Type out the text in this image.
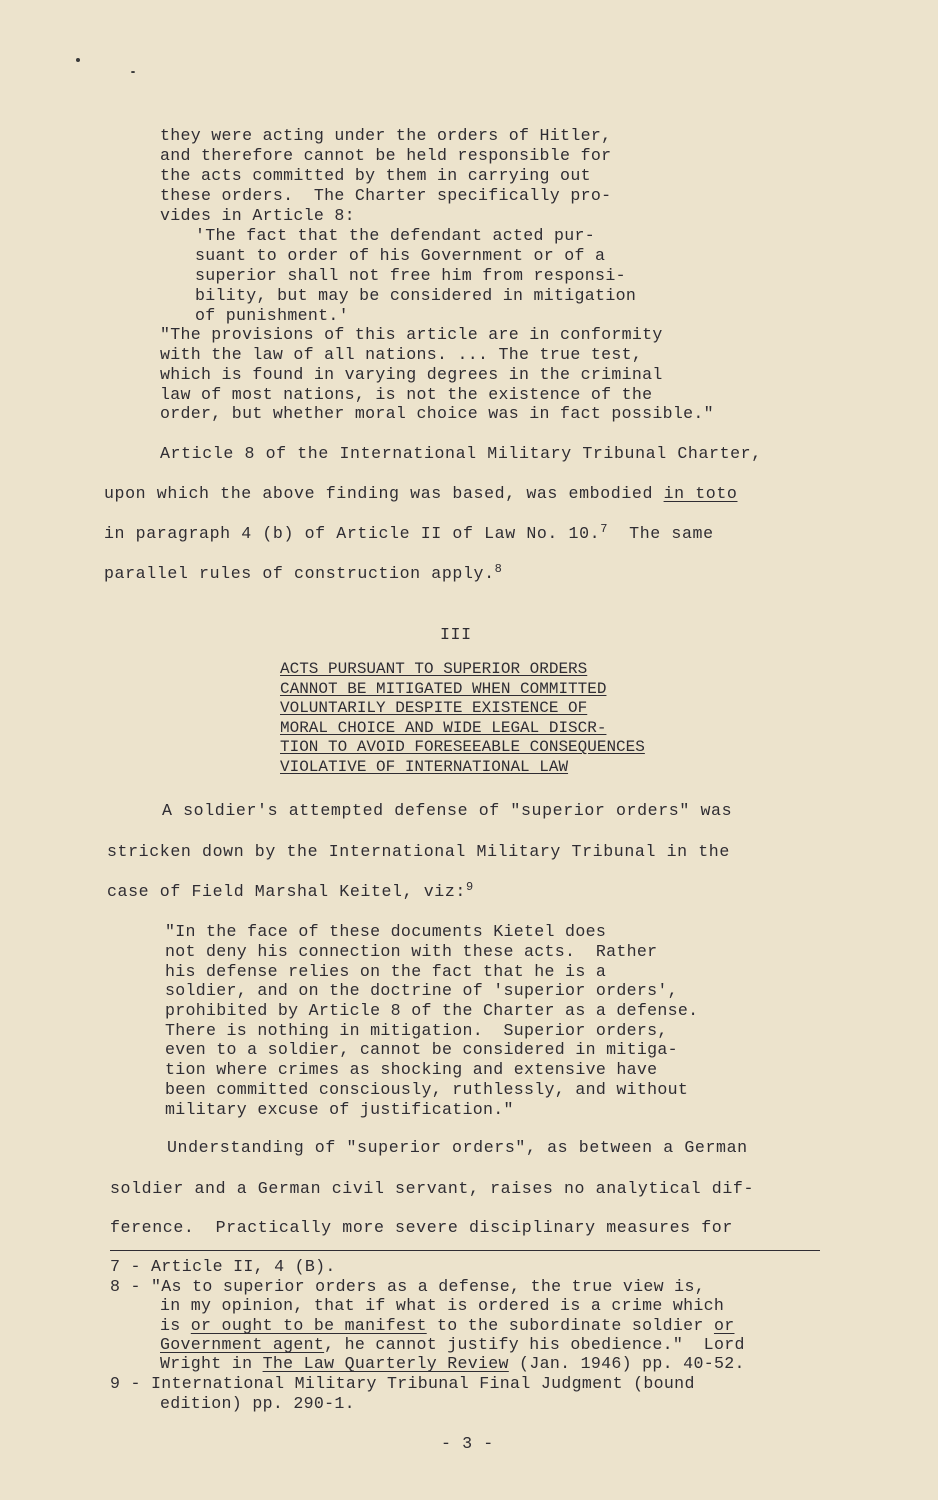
they were acting under the orders of Hitler,
and therefore cannot be held responsible for
the acts committed by them in carrying out
these orders.  The Charter specifically pro-
vides in Article 8:
'The fact that the defendant acted pur-
suant to order of his Government or of a
superior shall not free him from responsi-
bility, but may be considered in mitigation
of punishment.'
"The provisions of this article are in conformity
with the law of all nations. ... The true test,
which is found in varying degrees in the criminal
law of most nations, is not the existence of the
order, but whether moral choice was in fact possible."
Article 8 of the International Military Tribunal Charter,
upon which the above finding was based, was embodied in toto
in paragraph 4 (b) of Article II of Law No. 10.$^7$  The same
parallel rules of construction apply.$^8$
III
ACTS PURSUANT TO SUPERIOR ORDERS
CANNOT BE MITIGATED WHEN COMMITTED
VOLUNTARILY DESPITE EXISTENCE OF
MORAL CHOICE AND WIDE LEGAL DISCR-
TION TO AVOID FORESEEABLE CONSEQUENCES
VIOLATIVE OF INTERNATIONAL LAW
A soldier's attempted defense of "superior orders" was
stricken down by the International Military Tribunal in the
case of Field Marshal Keitel, viz:$^9$
"In the face of these documents Kietel does
not deny his connection with these acts.  Rather
his defense relies on the fact that he is a
soldier, and on the doctrine of 'superior orders',
prohibited by Article 8 of the Charter as a defense.
There is nothing in mitigation.  Superior orders,
even to a soldier, cannot be considered in mitiga-
tion where crimes as shocking and extensive have
been committed consciously, ruthlessly, and without
military excuse of justification."
Understanding of "superior orders", as between a German
soldier and a German civil servant, raises no analytical dif-
ference.  Practically more severe disciplinary measures for
7 - Article II, 4 (B).
8 - "As to superior orders as a defense, the true view is,
in my opinion, that if what is ordered is a crime which
is or ought to be manifest to the subordinate soldier or
Government agent, he cannot justify his obedience."  Lord
Wright in The Law Quarterly Review (Jan. 1946) pp. 40-52.
9 - International Military Tribunal Final Judgment (bound
edition) pp. 290-1.
- 3 -
